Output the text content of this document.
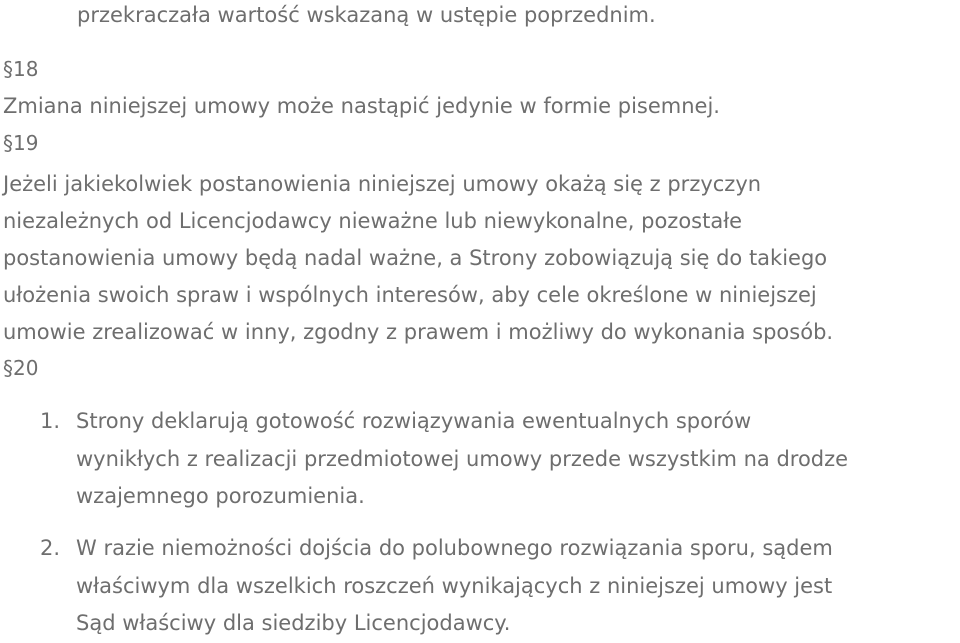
przekraczała wartość wskazaną w ustępie poprzednim.
§18
Zmiana niniejszej umowy może nastąpić jedynie w formie pisemnej.
§19
Jeżeli jakiekolwiek postanowienia niniejszej umowy okażą się z przyczyn
niezależnych od Licencjodawcy nieważne lub niewykonalne, pozostałe
postanowienia umowy będą nadal ważne, a Strony zobowiązują się do takiego
ułożenia swoich spraw i wspólnych interesów, aby cele określone w niniejszej
umowie zrealizować w inny, zgodny z prawem i możliwy do wykonania sposób.
§20
1. Strony deklarują gotowość rozwiązywania ewentualnych sporów
wynikłych z realizacji przedmiotowej umowy przede wszystkim na drodze
wzajemnego porozumienia.
2. W razie niemożności dojścia do polubownego rozwiązania sporu, sądem
właściwym dla wszelkich roszczeń wynikających z niniejszej umowy jest
Sąd właściwy dla siedziby Licencjodawcy.
